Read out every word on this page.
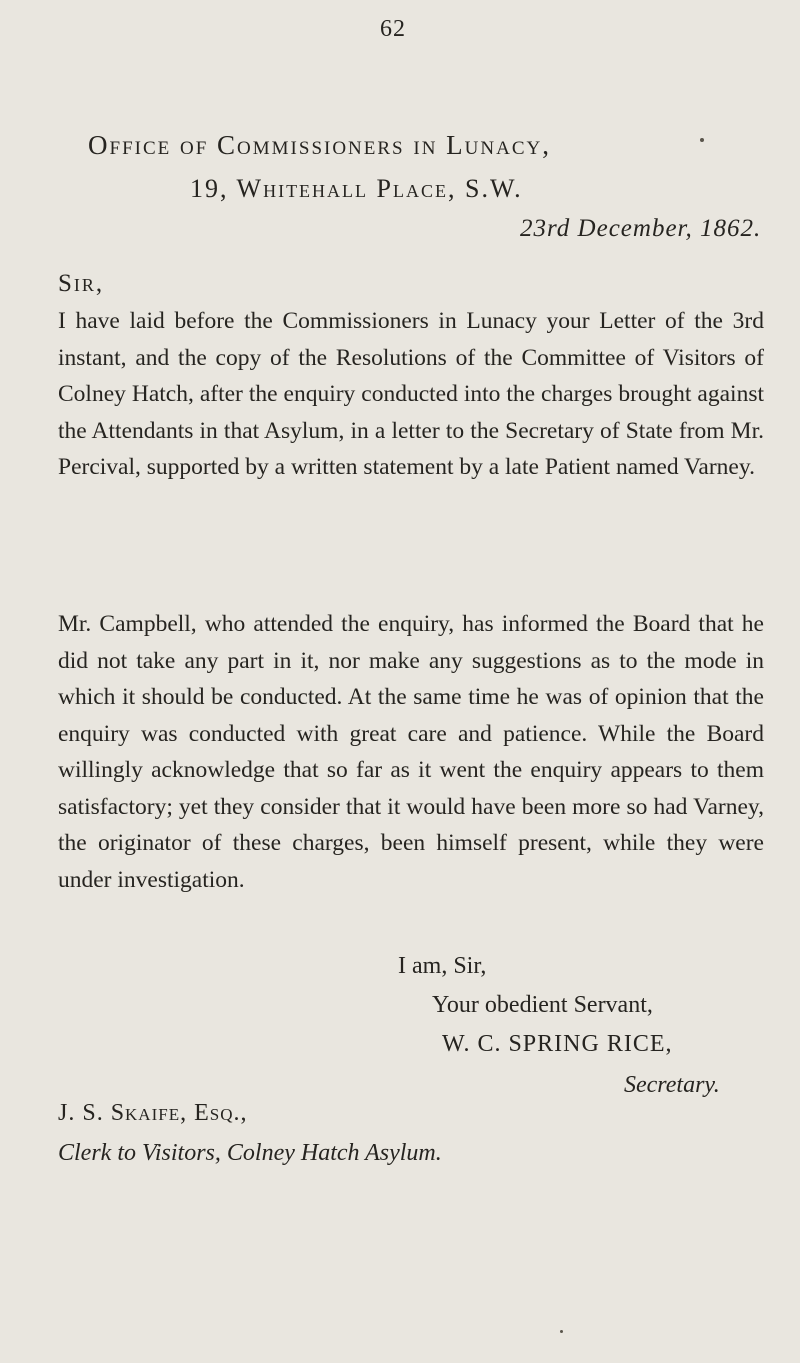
62
Office of Commissioners in Lunacy,
19, Whitehall Place, S.W.
23rd December, 1862.
Sir,

I have laid before the Commissioners in Lunacy your Letter of the 3rd instant, and the copy of the Resolutions of the Committee of Visitors of Colney Hatch, after the enquiry conducted into the charges brought against the Attendants in that Asylum, in a letter to the Secretary of State from Mr. Percival, supported by a written statement by a late Patient named Varney.

Mr. Campbell, who attended the enquiry, has informed the Board that he did not take any part in it, nor make any suggestions as to the mode in which it should be conducted. At the same time he was of opinion that the enquiry was conducted with great care and patience. While the Board willingly acknowledge that so far as it went the enquiry appears to them satisfactory; yet they consider that it would have been more so had Varney, the originator of these charges, been himself present, while they were under investigation.

I am, Sir,
Your obedient Servant,
W. C. SPRING RICE,
Secretary.
J. S. Skaife, Esq.,
Clerk to Visitors, Colney Hatch Asylum.
